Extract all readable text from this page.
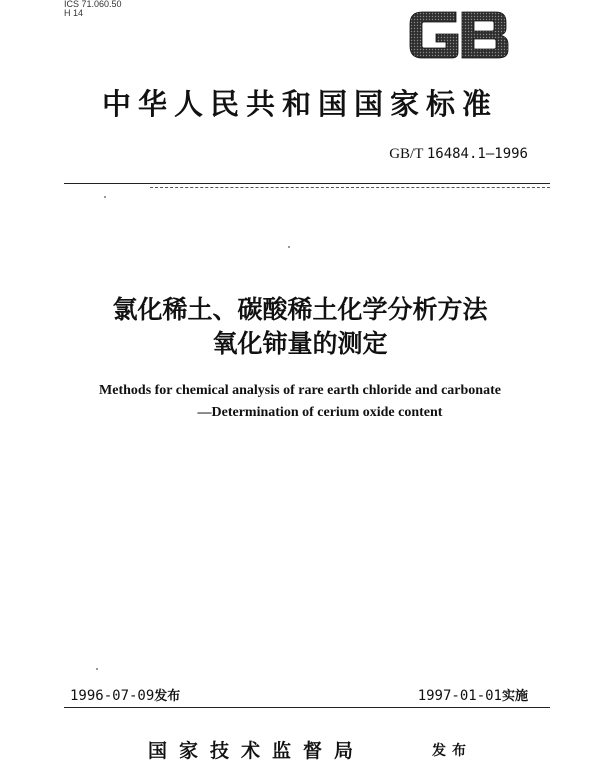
ICS 71.060.50
H 14
中华人民共和国国家标准
GB/T 16484.1—1996
氯化稀土、碳酸稀土化学分析方法
氧化铈量的测定
Methods for chemical analysis of rare earth chloride and carbonate
—Determination of cerium oxide content
1996-07-09发布	1997-01-01实施
国家技术监督局	发布
